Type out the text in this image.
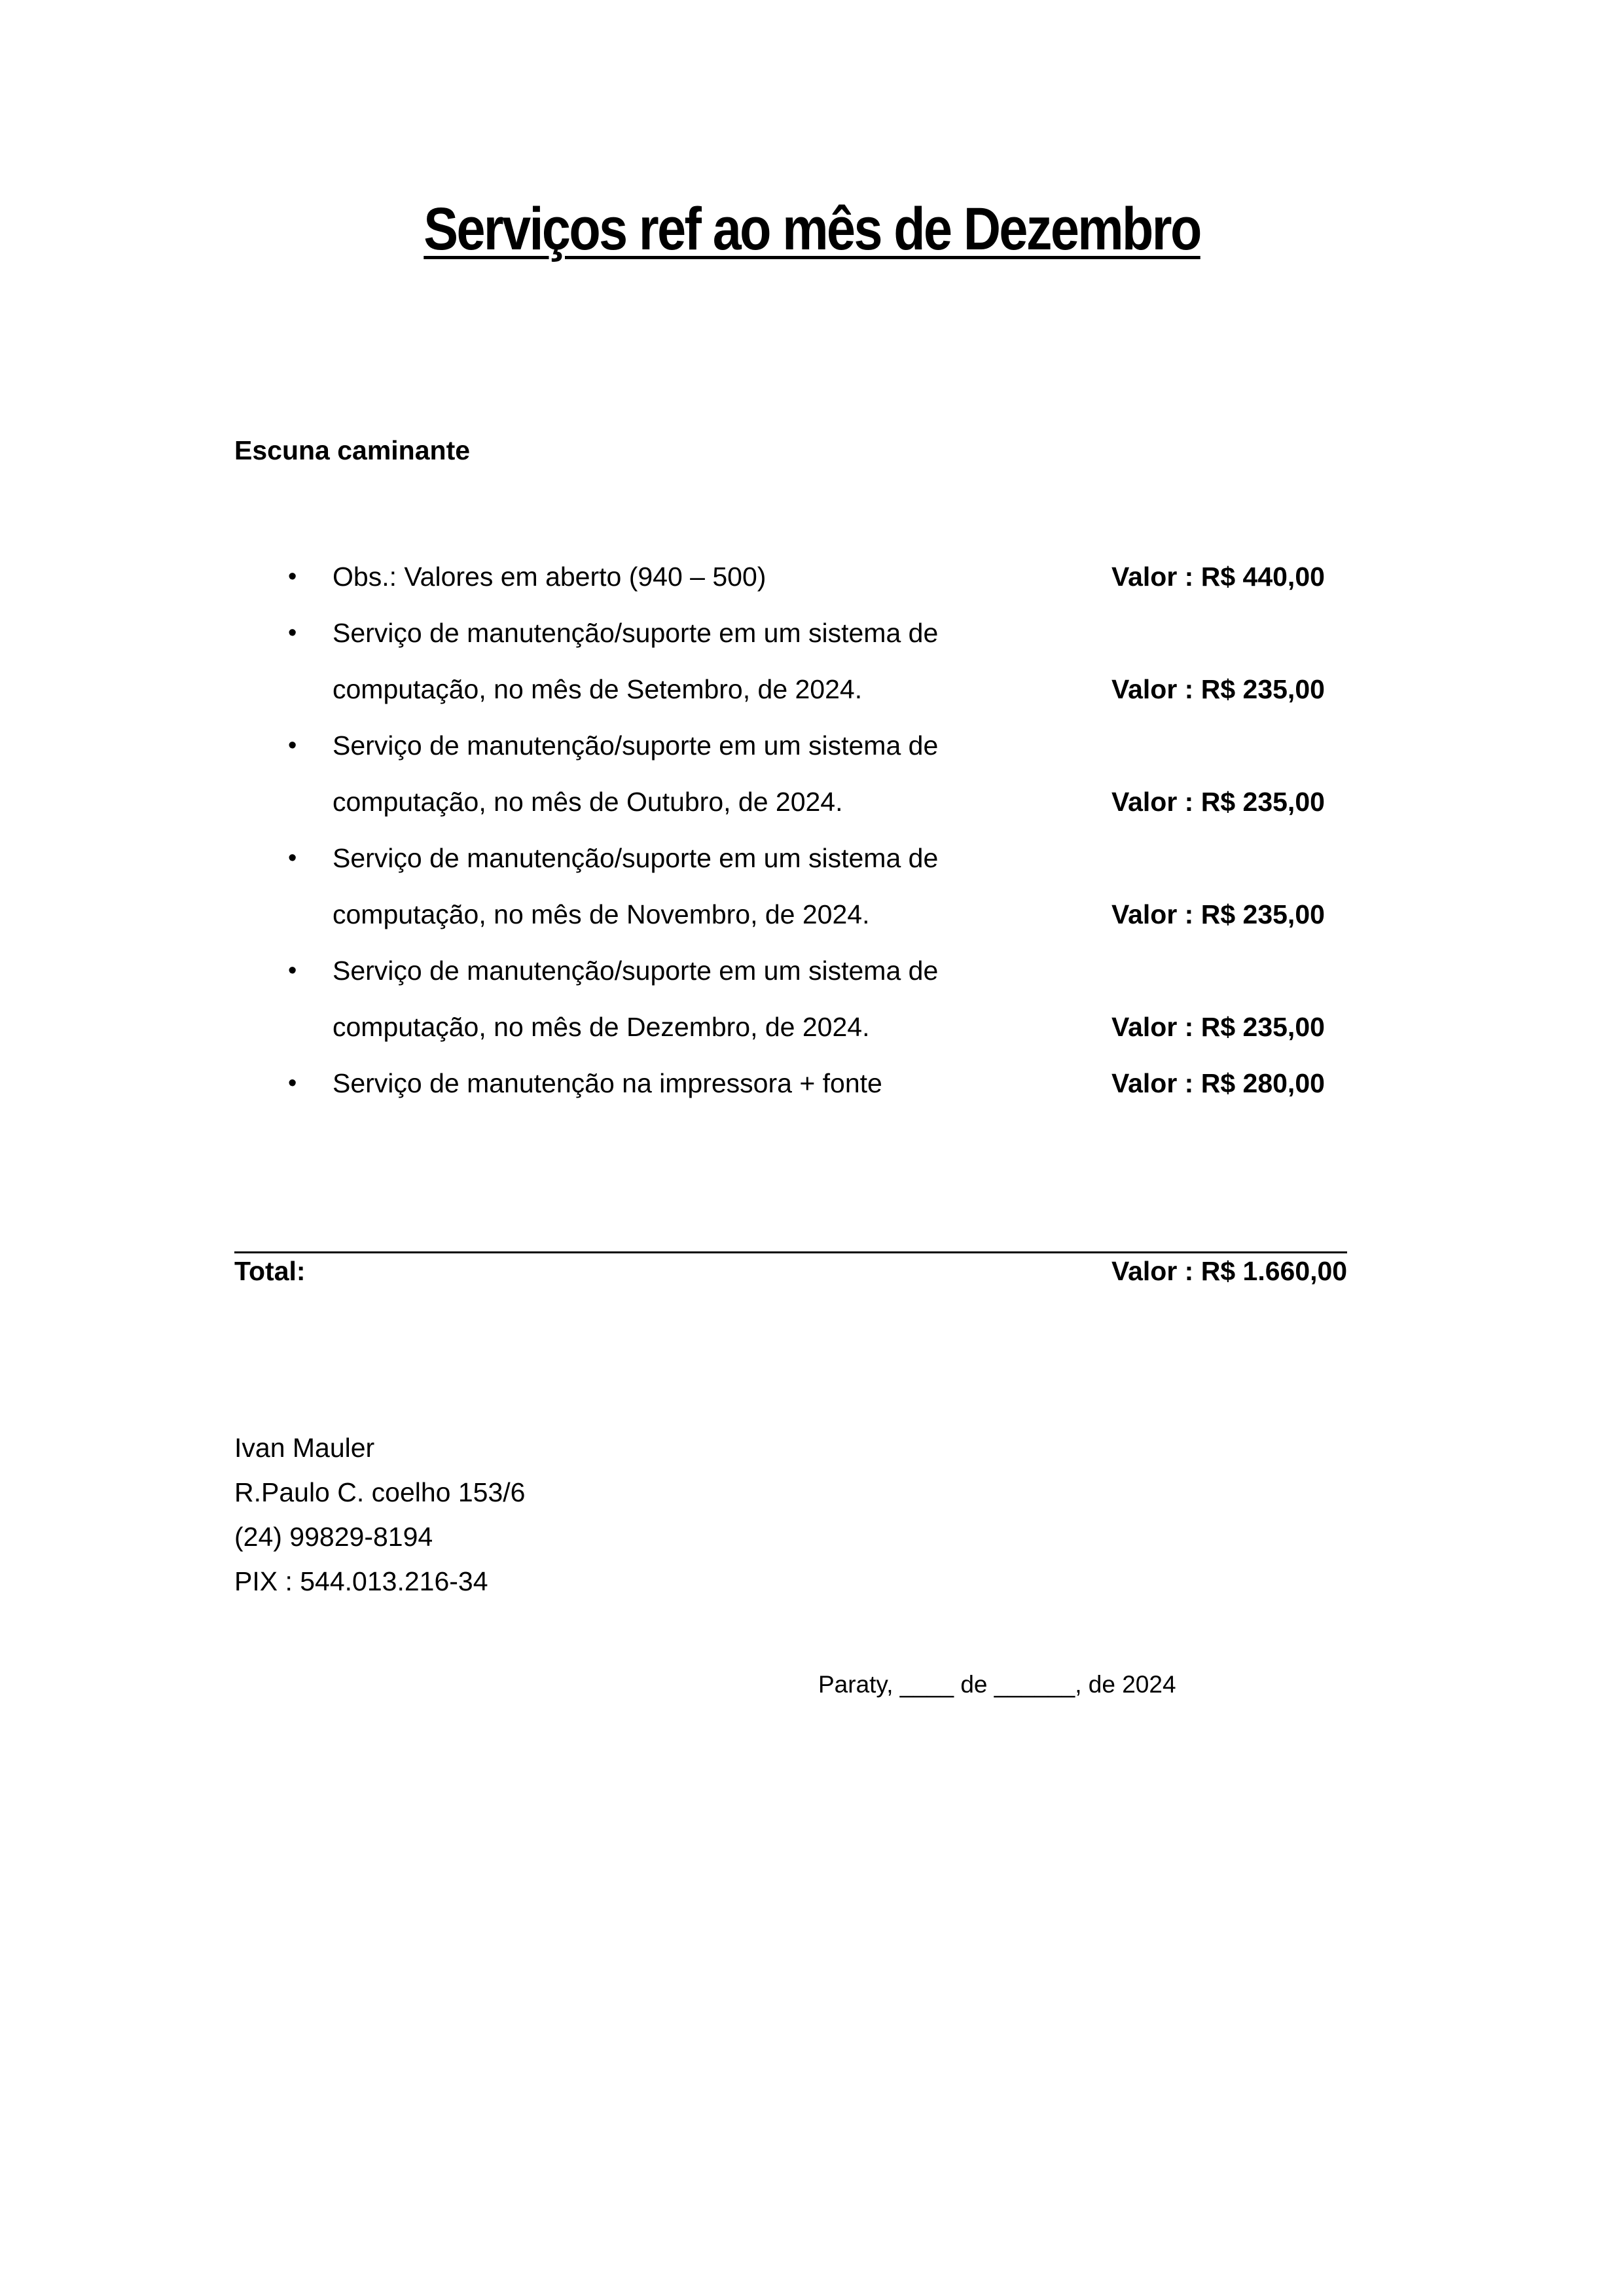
Serviços ref ao mês de Dezembro
Escuna caminante
• Obs.: Valores em aberto (940 – 500)	Valor : R$ 440,00
• Serviço de manutenção/suporte em um sistema de
computação, no mês de Setembro, de 2024.	Valor : R$ 235,00
• Serviço de manutenção/suporte em um sistema de
computação, no mês de Outubro, de 2024.	Valor : R$ 235,00
• Serviço de manutenção/suporte em um sistema de
computação, no mês de Novembro, de 2024.	Valor : R$ 235,00
• Serviço de manutenção/suporte em um sistema de
computação, no mês de Dezembro, de 2024.	Valor : R$ 235,00
• Serviço de manutenção na impressora + fonte	Valor : R$ 280,00
Total:	Valor : R$ 1.660,00
Ivan Mauler
R.Paulo C. coelho 153/6
(24) 99829-8194
PIX : 544.013.216-34
Paraty, ____ de ______, de 2024
